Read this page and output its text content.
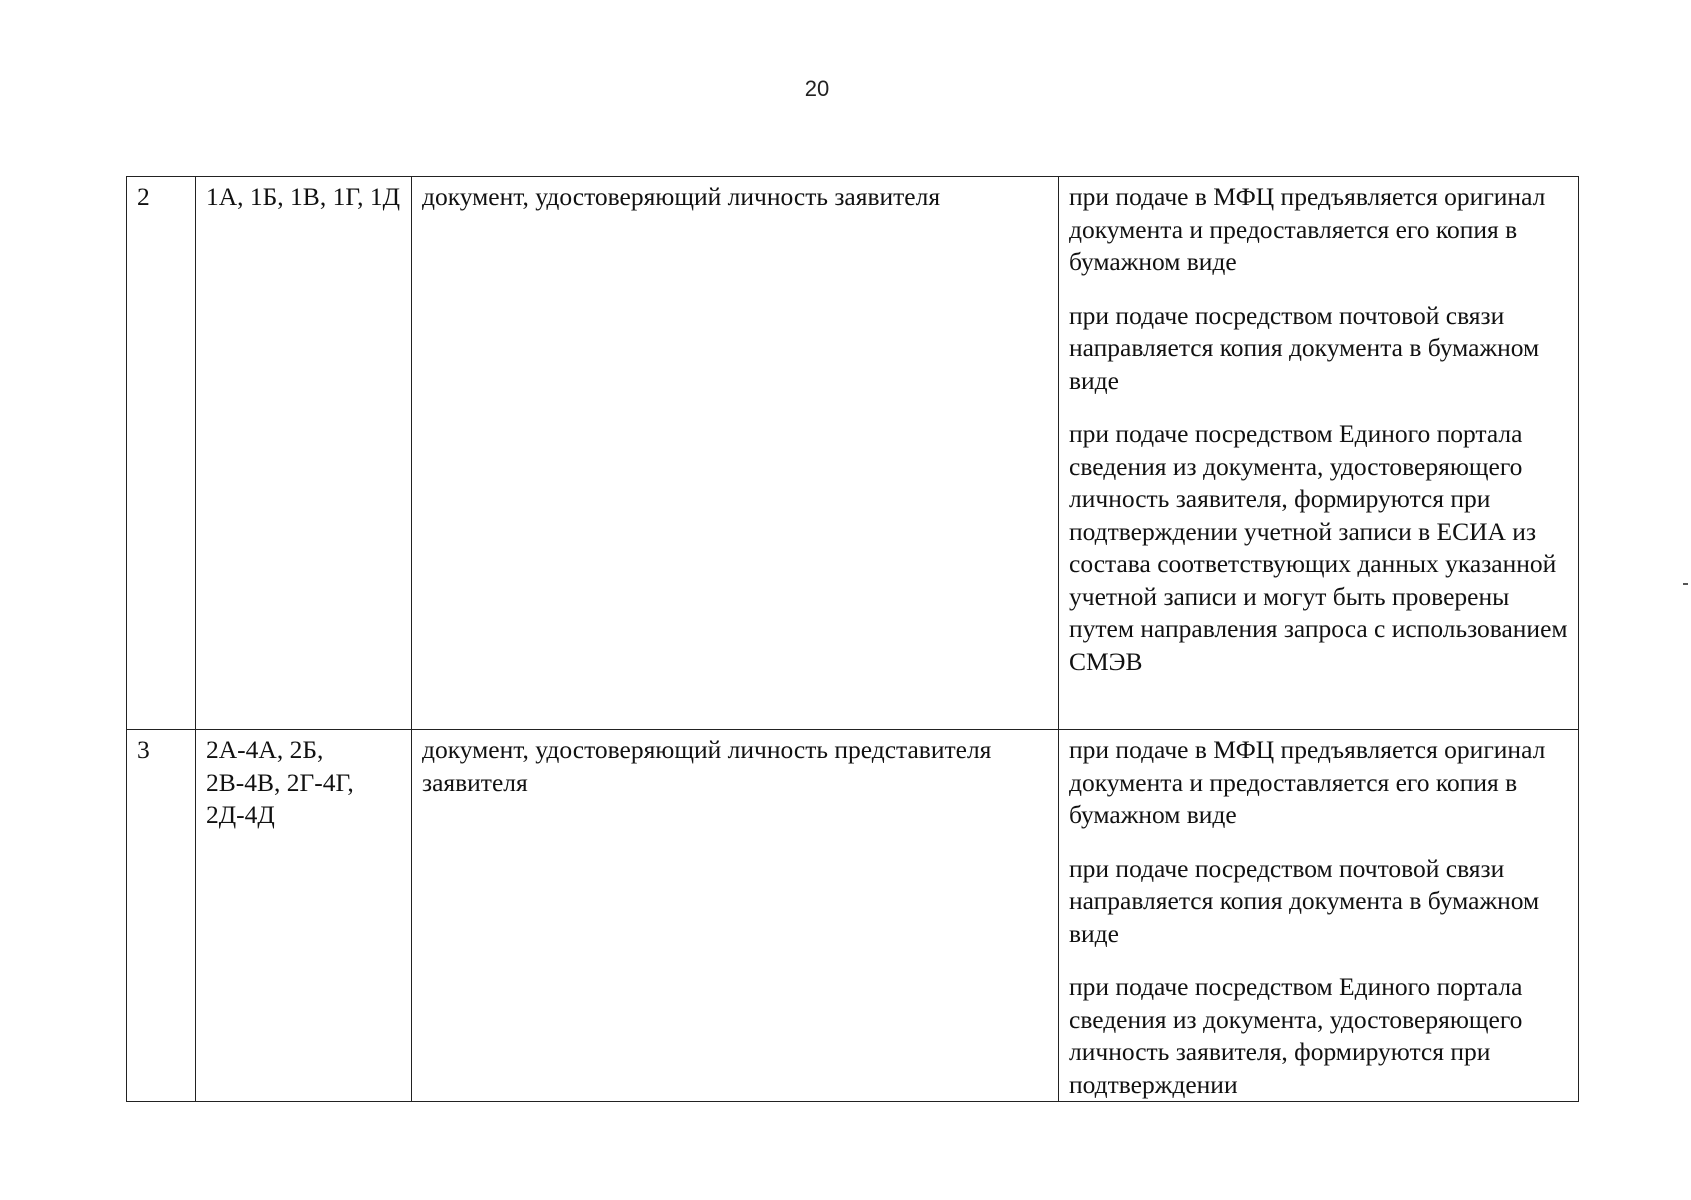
20
2	1А, 1Б, 1В, 1Г, 1Д	документ, удостоверяющий личность заявителя	при подаче в МФЦ предъявляется оригинал документа и предоставляется его копия в бумажном виде
при подаче посредством почтовой связи направляется копия документа в бумажном виде
при подаче посредством Единого портала сведения из документа, удостоверяющего личность заявителя, формируются при подтверждении учетной записи в ЕСИА из состава соответствующих данных указанной учетной записи и могут быть проверены путем направления запроса с использованием СМЭВ

3	2А-4А, 2Б, 2В-4В, 2Г-4Г, 2Д-4Д	документ, удостоверяющий личность представителя заявителя	при подаче в МФЦ предъявляется оригинал документа и предоставляется его копия в бумажном виде
при подаче посредством почтовой связи направляется копия документа в бумажном виде
при подаче посредством Единого портала сведения из документа, удостоверяющего личность заявителя, формируются при подтверждении
